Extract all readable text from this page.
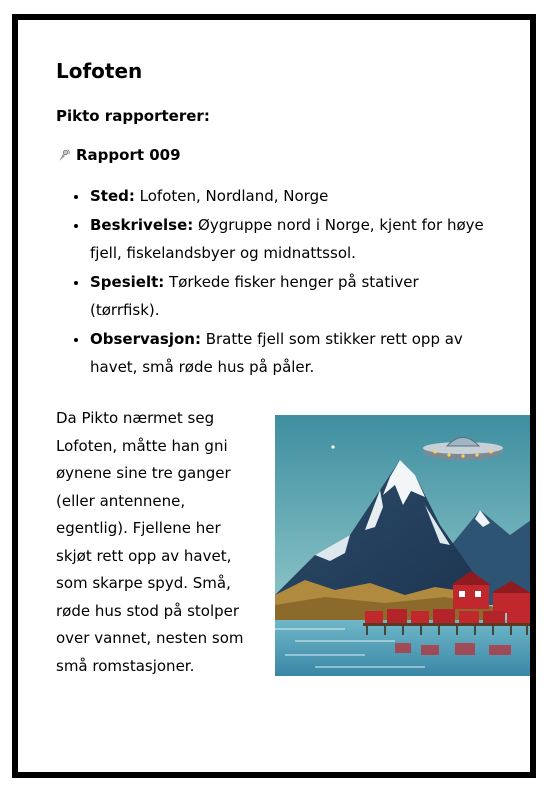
Lofoten
Pikto rapporterer:
Rapport 009
Sted: Lofoten, Nordland, Norge
Beskrivelse: Øygruppe nord i Norge, kjent for høye fjell, fiskelandsbyer og midnattssol.
Spesielt: Tørkede fisker henger på stativer (tørrfisk).
Observasjon: Bratte fjell som stikker rett opp av havet, små røde hus på påler.
Da Pikto nærmet seg Lofoten, måtte han gni øynene sine tre ganger (eller antennene, egentlig). Fjellene her skjøt rett opp av havet, som skarpe spyd. Små, røde hus stod på stolper over vannet, nesten som små romstasjoner.
